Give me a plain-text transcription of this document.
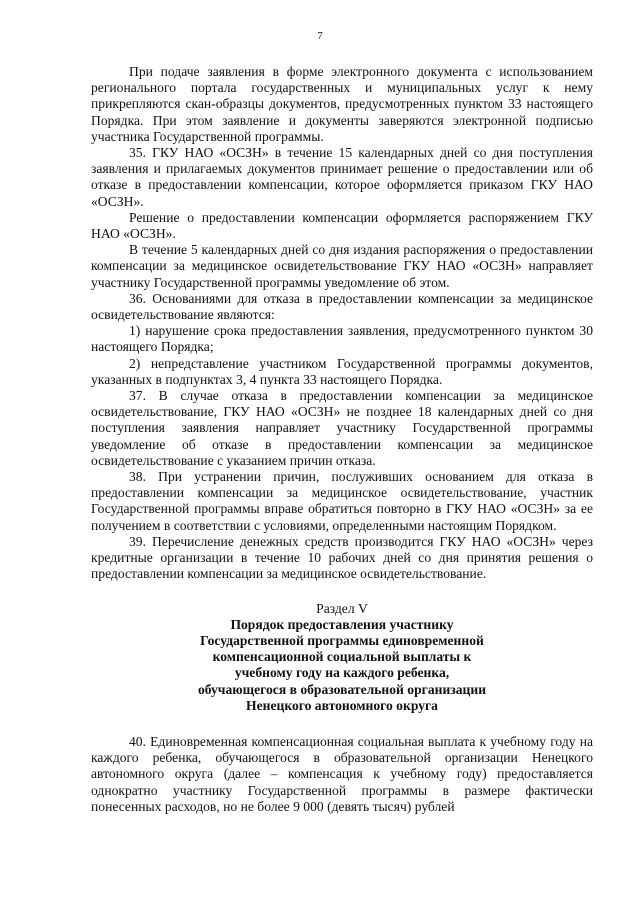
7

При подаче заявления в форме электронного документа с использованием регионального портала государственных и муниципальных услуг к нему прикрепляются скан-образцы документов, предусмотренных пунктом 33 настоящего Порядка. При этом заявление и документы заверяются электронной подписью участника Государственной программы.

35. ГКУ НАО «ОСЗН» в течение 15 календарных дней со дня поступления заявления и прилагаемых документов принимает решение о предоставлении или об отказе в предоставлении компенсации, которое оформляется приказом ГКУ НАО «ОСЗН».

Решение о предоставлении компенсации оформляется распоряжением ГКУ НАО «ОСЗН».

В течение 5 календарных дней со дня издания распоряжения о предоставлении компенсации за медицинское освидетельствование ГКУ НАО «ОСЗН» направляет участнику Государственной программы уведомление об этом.

36. Основаниями для отказа в предоставлении компенсации за медицинское освидетельствование являются:

1) нарушение срока предоставления заявления, предусмотренного пунктом 30 настоящего Порядка;

2) непредставление участником Государственной программы документов, указанных в подпунктах 3, 4 пункта 33 настоящего Порядка.

37. В случае отказа в предоставлении компенсации за медицинское освидетельствование, ГКУ НАО «ОСЗН» не позднее 18 календарных дней со дня поступления заявления направляет участнику Государственной программы уведомление об отказе в предоставлении компенсации за медицинское освидетельствование с указанием причин отказа.

38. При устранении причин, послуживших основанием для отказа в предоставлении компенсации за медицинское освидетельствование, участник Государственной программы вправе обратиться повторно в ГКУ НАО «ОСЗН» за ее получением в соответствии с условиями, определенными настоящим Порядком.

39. Перечисление денежных средств производится ГКУ НАО «ОСЗН» через кредитные организации в течение 10 рабочих дней со дня принятия решения о предоставлении компенсации за медицинское освидетельствование.

Раздел V
Порядок предоставления участнику Государственной программы единовременной компенсационной социальной выплаты к учебному году на каждого ребенка, обучающегося в образовательной организации Ненецкого автономного округа

40. Единовременная компенсационная социальная выплата к учебному году на каждого ребенка, обучающегося в образовательной организации Ненецкого автономного округа (далее – компенсация к учебному году) предоставляется однократно участнику Государственной программы в размере фактически понесенных расходов, но не более 9 000 (девять тысяч) рублей
